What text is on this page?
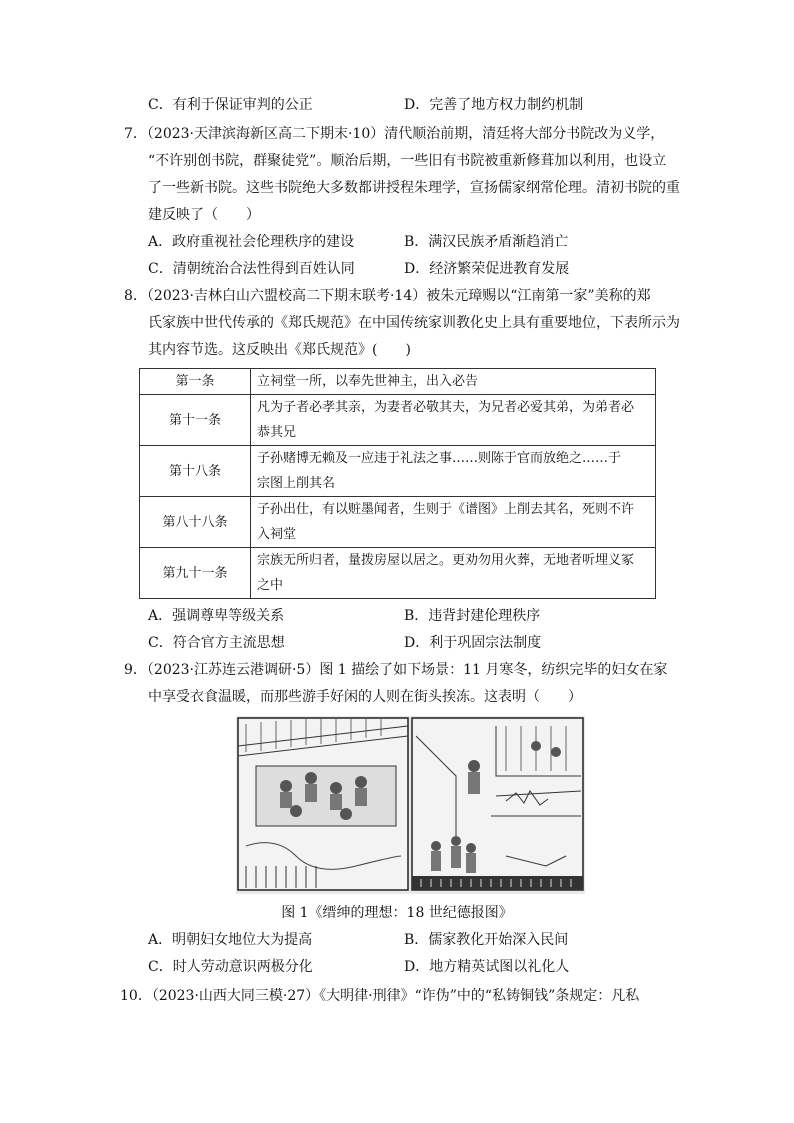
C．有利于保证审判的公正	D．完善了地方权力制约机制
7．（2023·天津滨海新区高二下期末·10）清代顺治前期，清廷将大部分书院改为义学，
“不许别创书院，群聚徒党”。顺治后期，一些旧有书院被重新修葺加以利用，也设立
了一些新书院。这些书院绝大多数都讲授程朱理学，宣扬儒家纲常伦理。清初书院的重
建反映了（　　）
A．政府重视社会伦理秩序的建设	B．满汉民族矛盾渐趋消亡
C．清朝统治合法性得到百姓认同	D．经济繁荣促进教育发展
8．（2023·吉林白山六盟校高二下期末联考·14）被朱元璋赐以“江南第一家”美称的郑
氏家族中世代传承的《郑氏规范》在中国传统家训教化史上具有重要地位，下表所示为
其内容节选。这反映出《郑氏规范》(　　)
第一条	立祠堂一所，以奉先世神主，出入必告
第十一条	凡为子者必孝其亲，为妻者必敬其夫，为兄者必爱其弟，为弟者必
恭其兄

第十八条	子孙赌博无赖及一应违于礼法之事……则陈于官而放绝之……于
宗图上削其名

第八十八条	子孙出仕，有以赃墨闻者，生则于《谱图》上削去其名，死则不许
入祠堂

第九十一条	宗族无所归者，量拨房屋以居之。更劝勿用火葬，无地者听埋义冢
之中
A．强调尊卑等级关系	B．违背封建伦理秩序
C．符合官方主流思想	D．利于巩固宗法制度
9．（2023·江苏连云港调研·5）图 1 描绘了如下场景：11 月寒冬，纺织完毕的妇女在家
中享受衣食温暖，而那些游手好闲的人则在街头挨冻。这表明（　　）
图 1《缙绅的理想：18 世纪德报图》
A．明朝妇女地位大为提高	B．儒家教化开始深入民间
C．时人劳动意识两极分化	D．地方精英试图以礼化人
10．（2023·山西大同三模·27）《大明律·刑律》“诈伪”中的“私铸铜钱”条规定：凡私
